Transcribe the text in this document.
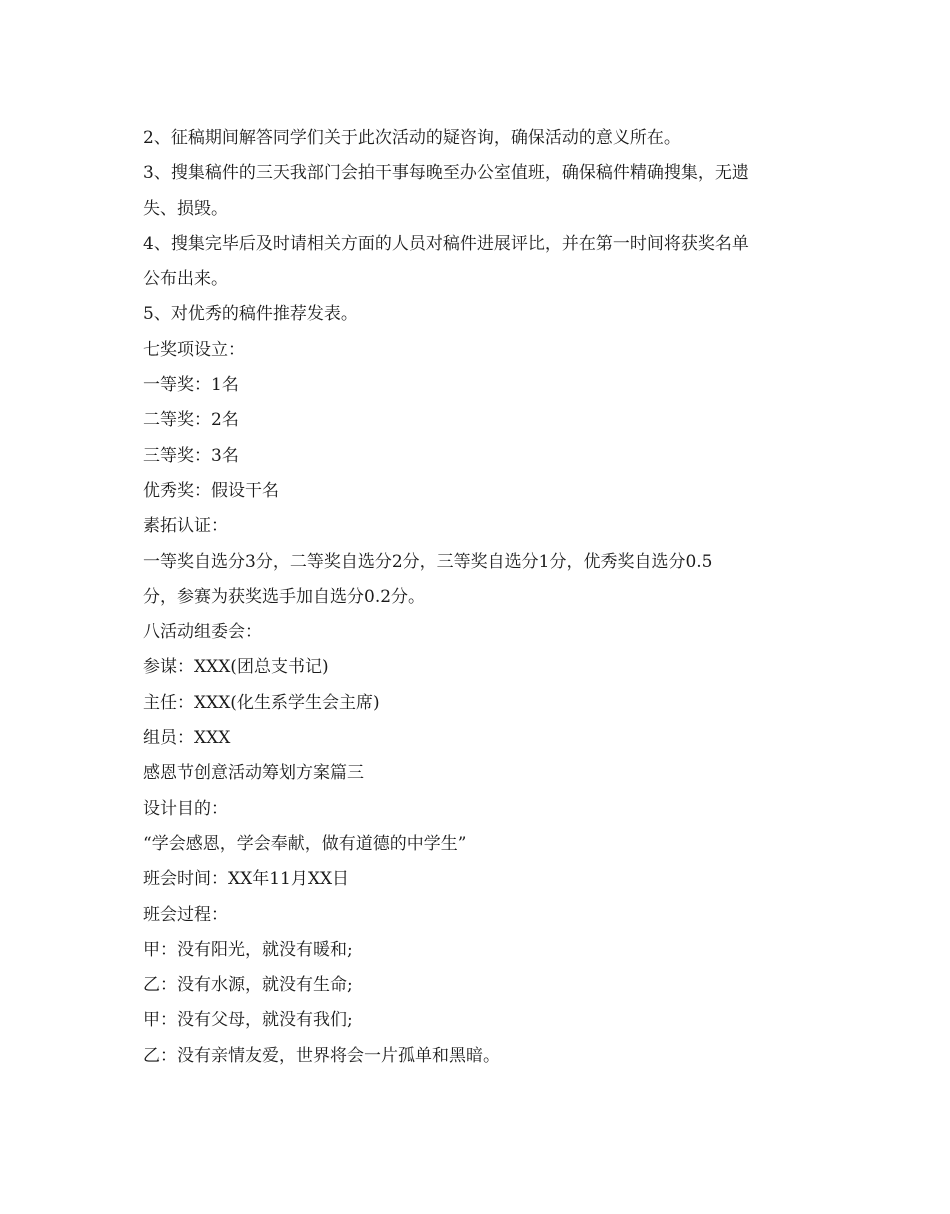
2、征稿期间解答同学们关于此次活动的疑咨询，确保活动的意义所在。

3、搜集稿件的三天我部门会拍干事每晚至办公室值班，确保稿件精确搜集，无遗

失、损毁。

4、搜集完毕后及时请相关方面的人员对稿件进展评比，并在第一时间将获奖名单

公布出来。

5、对优秀的稿件推荐发表。

七奖项设立：

一等奖：1名

二等奖：2名

三等奖：3名

优秀奖：假设干名

素拓认证：

一等奖自选分3分，二等奖自选分2分，三等奖自选分1分，优秀奖自选分0.5

分，参赛为获奖选手加自选分0.2分。

八活动组委会：

参谋：XXX(团总支书记)

主任：XXX(化生系学生会主席)

组员：XXX

感恩节创意活动筹划方案篇三

设计目的：

“学会感恩，学会奉献，做有道德的中学生”

班会时间：XX年11月XX日

班会过程：

甲：没有阳光，就没有暖和;

乙：没有水源，就没有生命;

甲：没有父母，就没有我们;

乙：没有亲情友爱，世界将会一片孤单和黑暗。
